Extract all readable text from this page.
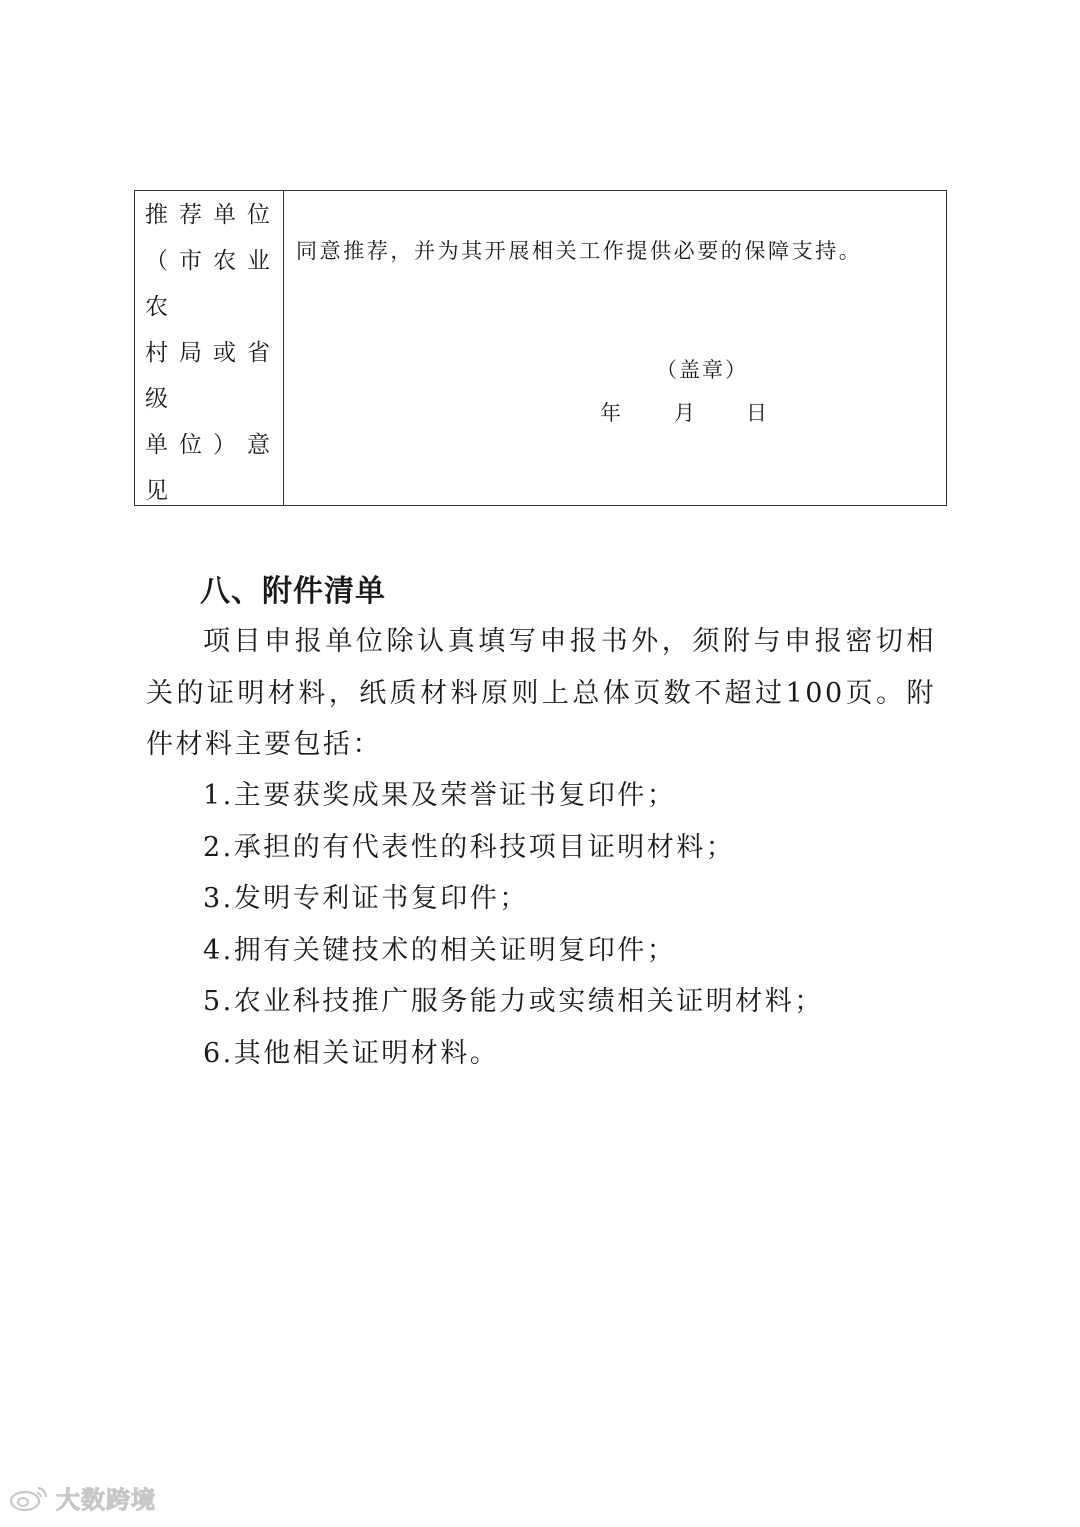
推荐单位
（市农业农
村局或省级
单位）意见
同意推荐，并为其开展相关工作提供必要的保障支持。
（盖章）
年	月 日
八、附件清单

项目申报单位除认真填写申报书外，须附与申报密切相关的证明材料，纸质材料原则上总体页数不超过100页。附件材料主要包括：

1.主要获奖成果及荣誉证书复印件；
2.承担的有代表性的科技项目证明材料；
3.发明专利证书复印件；
4.拥有关键技术的相关证明复印件；
5.农业科技推广服务能力或实绩相关证明材料；
6.其他相关证明材料。
大数跨境
